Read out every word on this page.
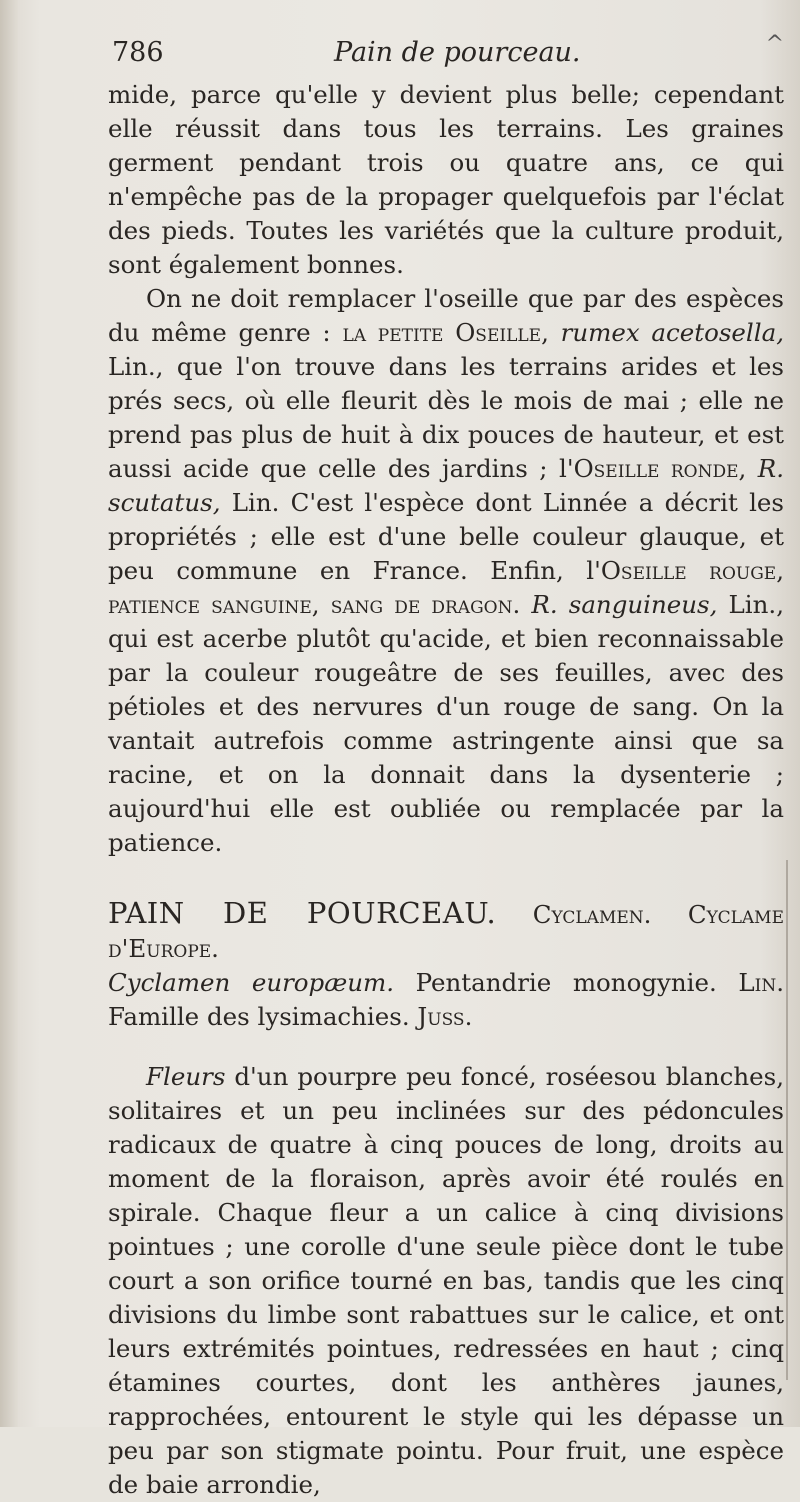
786	Pain de pourceau.	^

mide, parce qu'elle y devient plus belle; cependant elle réussit dans tous les terrains. Les graines germent pendant trois ou quatre ans, ce qui n'empêche pas de la propager quelquefois par l'éclat des pieds. Toutes les variétés que la culture produit, sont également bonnes.

On ne doit remplacer l'oseille que par des espèces du même genre : la petite Oseille, rumex acetosella, Lin., que l'on trouve dans les terrains arides et les prés secs, où elle fleurit dès le mois de mai ; elle ne prend pas plus de huit à dix pouces de hauteur, et est aussi acide que celle des jardins ; l'Oseille ronde, R. scutatus, Lin. C'est l'espèce dont Linnée a décrit les propriétés ; elle est d'une belle couleur glauque, et peu commune en France. Enfin, l'Oseille rouge, patience sanguine, sang de dragon. R. sanguineus, Lin., qui est acerbe plutôt qu'acide, et bien reconnaissable par la couleur rougeâtre de ses feuilles, avec des pétioles et des nervures d'un rouge de sang. On la vantait autrefois comme astringente ainsi que sa racine, et on la donnait dans la dysenterie ; aujourd'hui elle est oubliée ou remplacée par la patience.

PAIN DE POURCEAU. Cyclamen. Cyclame d'Europe.
Cyclamen europæum. Pentandrie monogynie. Lin. Famille des lysimachies. Juss.

Fleurs d'un pourpre peu foncé, roséesou blanches, solitaires et un peu inclinées sur des pédoncules radicaux de quatre à cinq pouces de long, droits au moment de la floraison, après avoir été roulés en spirale. Chaque fleur a un calice à cinq divisions pointues ; une corolle d'une seule pièce dont le tube court a son orifice tourné en bas, tandis que les cinq divisions du limbe sont rabattues sur le calice, et ont leurs extrémités pointues, redressées en haut ; cinq étamines courtes, dont les anthères jaunes, rapprochées, entourent le style qui les dépasse un peu par son stigmate pointu. Pour fruit, une espèce de baie arrondie,
